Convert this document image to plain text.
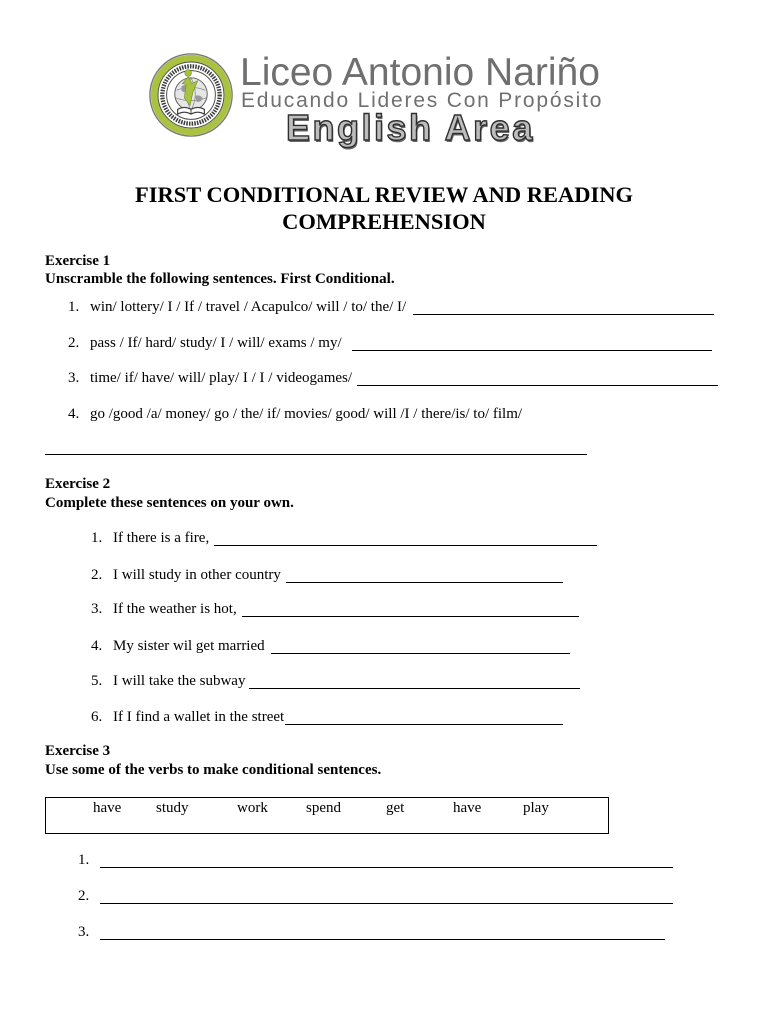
Liceo Antonio Nariño
Educando Lideres Con Propósito
English Area
FIRST CONDITIONAL REVIEW AND READING
COMPREHENSION
Exercise 1
Unscramble the following sentences. First Conditional.
1. win/ lottery/ I / If / travel / Acapulco/ will / to/ the/ I/
2. pass / If/ hard/ study/ I / will/ exams / my/
3. time/ if/ have/ will/ play/ I / I / videogames/
4. go /good /a/ money/ go / the/ if/ movies/ good/ will /I / there/is/ to/ film/
Exercise 2
Complete these sentences on your own.
1. If there is a fire,
2. I will study in other country
3. If the weather is hot,
4. My sister wil get married
5. I will take the subway
6. If I find a wallet in the street
Exercise 3
Use some of the verbs to make conditional sentences.
have study	work	spend	get	have	play
1.
2.
3.
